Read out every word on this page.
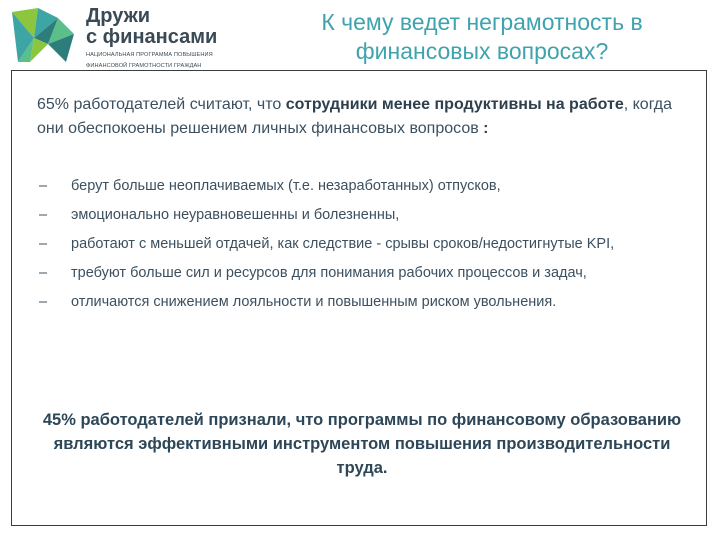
Дружи
с финансами
НАЦИОНАЛЬНАЯ ПРОГРАММА ПОВЫШЕНИЯ
ФИНАНСОВОЙ ГРАМОТНОСТИ ГРАЖДАН
К чему ведет неграмотность в финансовых вопросах?

65% работодателей считают, что сотрудники менее продуктивны на работе, когда они обеспокоены решением личных финансовых вопросов :

– берут больше неоплачиваемых (т.е. незаработанных) отпусков,
– эмоционально неуравновешенны и болезненны,
– работают с меньшей отдачей, как следствие - срывы сроков/недостигнутые KPI,
– требуют больше сил и ресурсов для понимания рабочих процессов и задач,
– отличаются снижением лояльности и повышенным риском увольнения.

45% работодателей признали, что программы по финансовому образованию являются эффективными инструментом повышения производительности труда.
